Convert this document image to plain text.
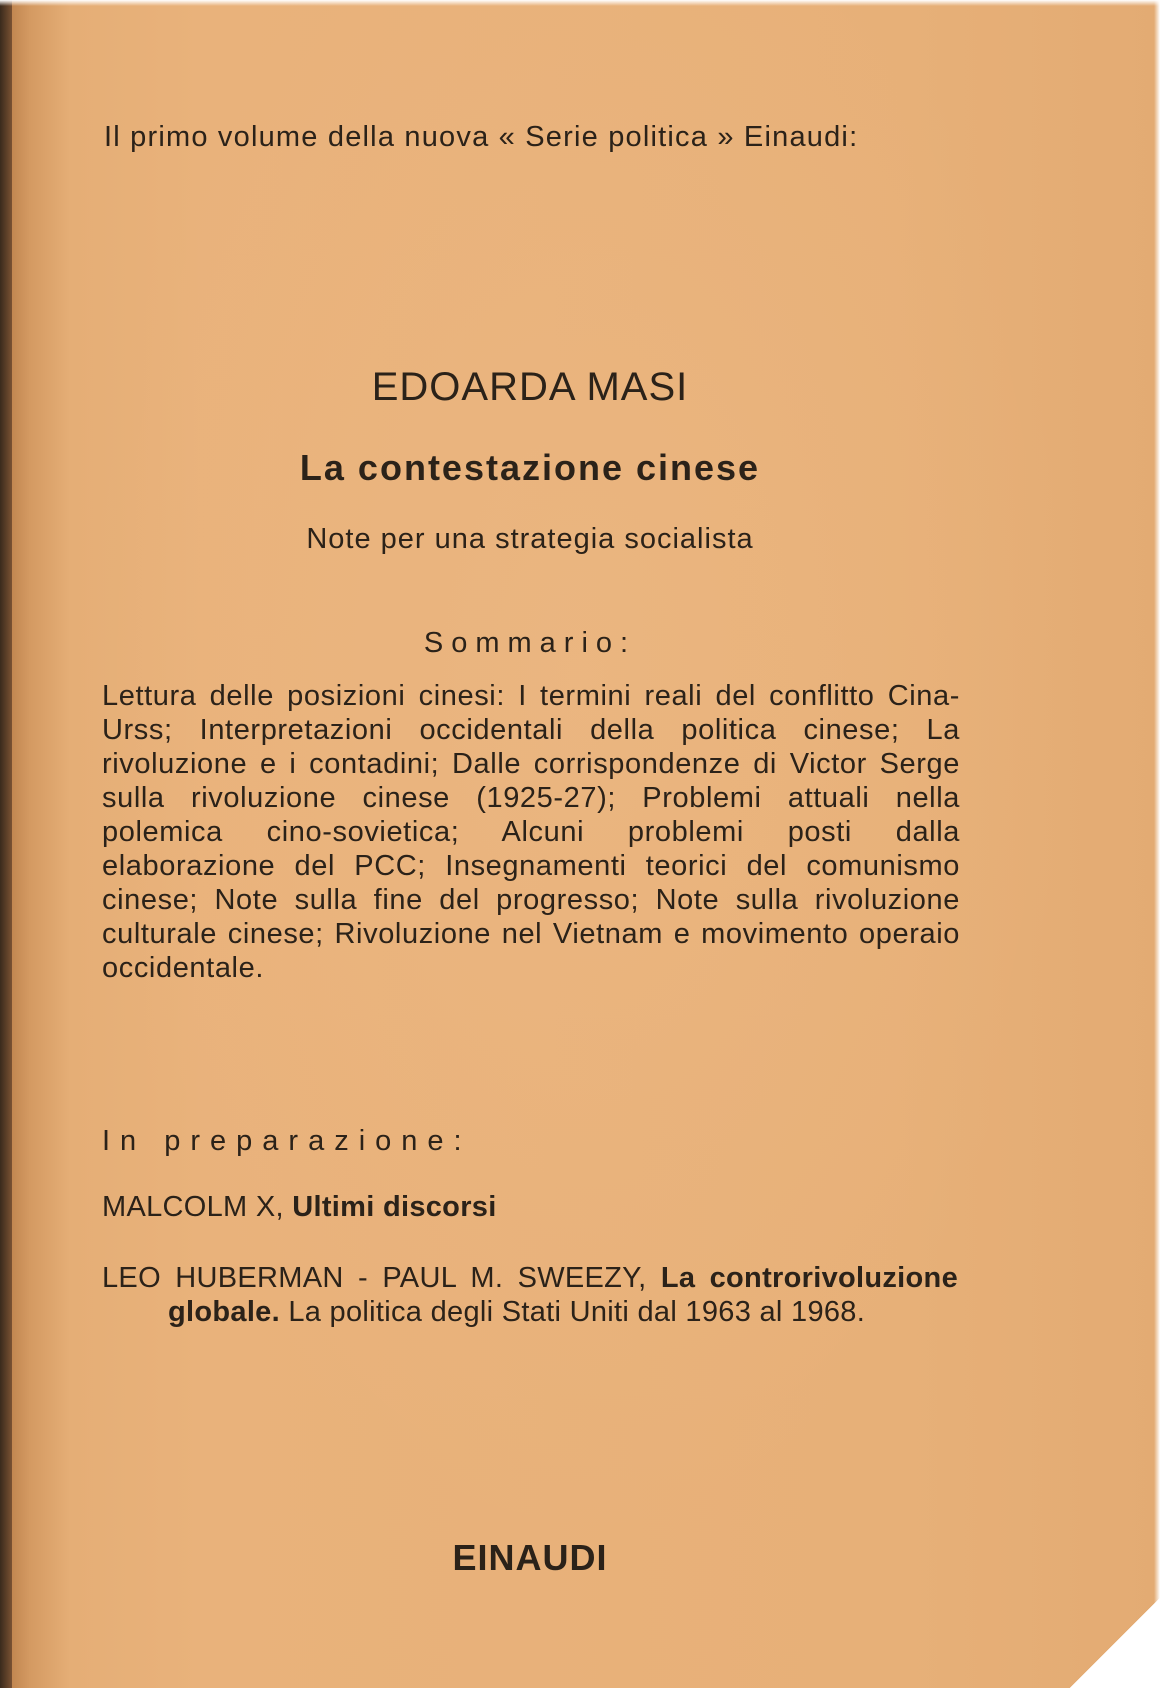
Il primo volume della nuova « Serie politica » Einaudi:
EDOARDA MASI
La contestazione cinese
Note per una strategia socialista
Sommario:
Lettura delle posizioni cinesi: I termini reali del conflitto Cina-Urss; Interpretazioni occidentali della politica cinese; La rivoluzione e i contadini; Dalle corrispondenze di Victor Serge sulla rivoluzione cinese (1925-27); Problemi attuali nella polemica cino-sovietica; Alcuni problemi posti dalla elaborazione del PCC; Insegnamenti teorici del comunismo cinese; Note sulla fine del progresso; Note sulla rivoluzione culturale cinese; Rivoluzione nel Vietnam e movimento operaio occidentale.
In preparazione:
MALCOLM X, Ultimi discorsi
LEO HUBERMAN - PAUL M. SWEEZY, La controrivoluzione globale. La politica degli Stati Uniti dal 1963 al 1968.
EINAUDI
